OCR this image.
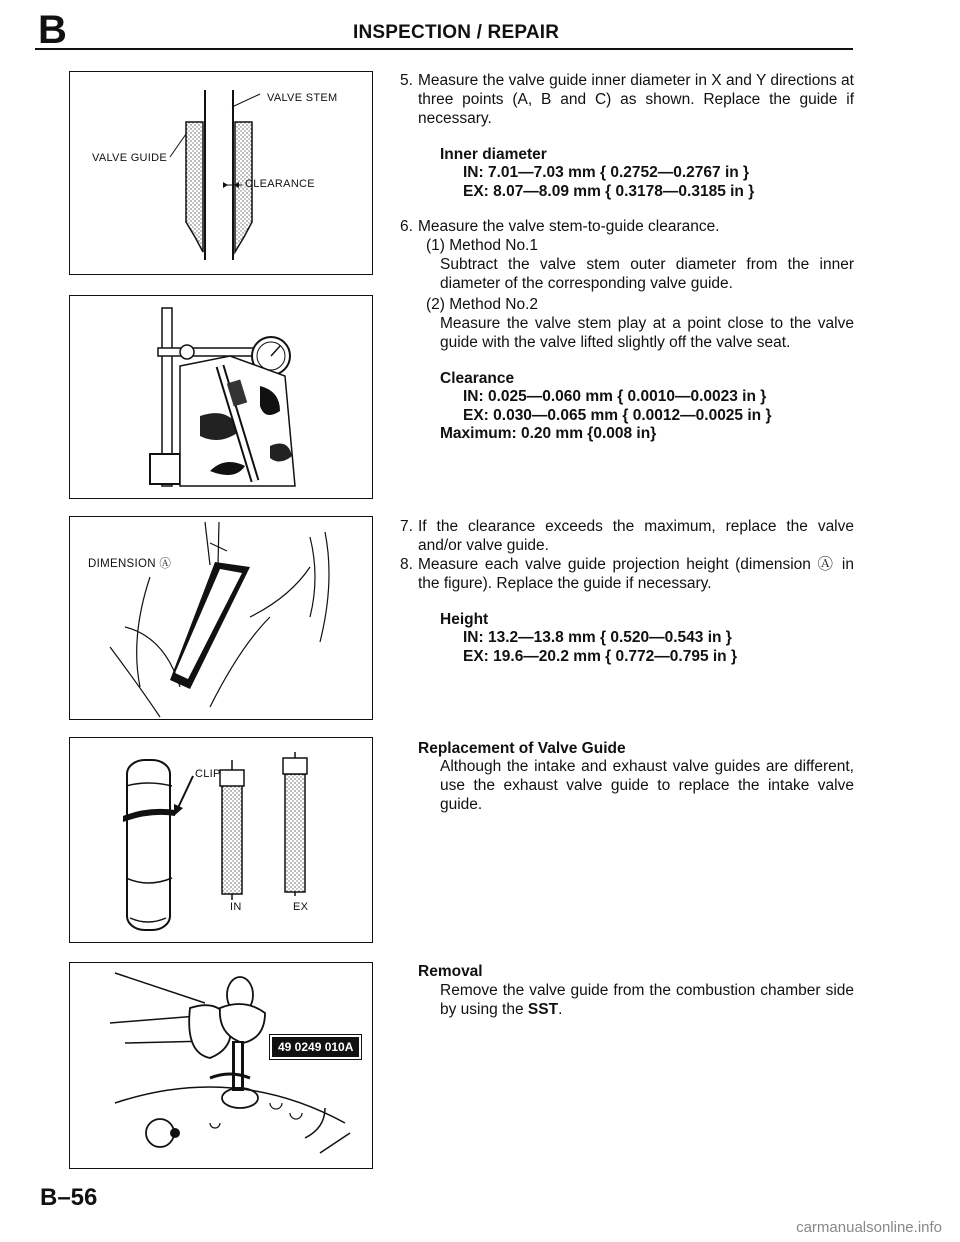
B	INSPECTION / REPAIR
VALVE STEM
VALVE GUIDE
CLEARANCE
DIMENSION Ⓐ
CLIP
IN	EX
49 0249 010A
5. Measure the valve guide inner diameter in X and Y directions at three points (A, B and C) as shown. Replace the guide if necessary.
Inner diameter
IN: 7.01—7.03 mm { 0.2752—0.2767 in }
EX: 8.07—8.09 mm { 0.3178—0.3185 in }
6. Measure the valve stem-to-guide clearance.
(1) Method No.1
Subtract the valve stem outer diameter from the inner diameter of the corresponding valve guide.
(2) Method No.2
Measure the valve stem play at a point close to the valve guide with the valve lifted slightly off the valve seat.
Clearance
IN: 0.025—0.060 mm { 0.0010—0.0023 in }
EX: 0.030—0.065 mm { 0.0012—0.0025 in }
Maximum: 0.20 mm {0.008 in}
7. If the clearance exceeds the maximum, replace the valve and/or valve guide.
8. Measure each valve guide projection height (dimension Ⓐ in the figure). Replace the guide if necessary.
Height
IN: 13.2—13.8 mm { 0.520—0.543 in }
EX: 19.6—20.2 mm { 0.772—0.795 in }
Replacement of Valve Guide
Although the intake and exhaust valve guides are different, use the exhaust valve guide to replace the intake valve guide.
Removal
Remove the valve guide from the combustion chamber side by using the SST.
B–56
carmanualsonline.info
